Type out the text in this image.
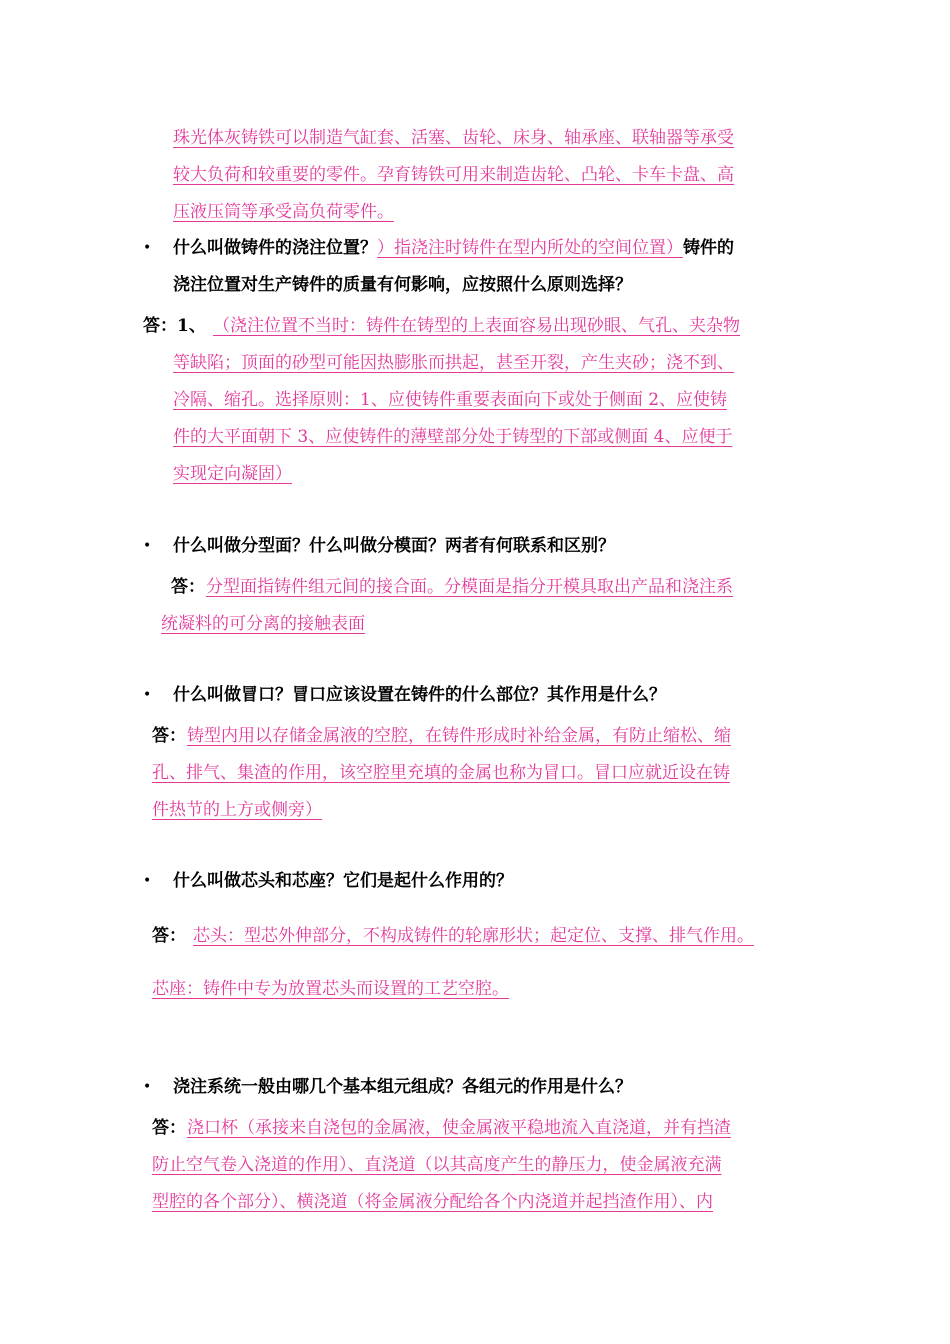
珠光体灰铸铁可以制造气缸套、活塞、齿轮、床身、轴承座、联轴器等承受
较大负荷和较重要的零件。孕育铸铁可用来制造齿轮、凸轮、卡车卡盘、高
压液压筒等承受高负荷零件。
• 什么叫做铸件的浇注位置？）指浇注时铸件在型内所处的空间位置）铸件的
浇注位置对生产铸件的质量有何影响，应按照什么原则选择？
答：1、 （浇注位置不当时：铸件在铸型的上表面容易出现砂眼、气孔、夹杂物
等缺陷；顶面的砂型可能因热膨胀而拱起，甚至开裂，产生夹砂；浇不到、
冷隔、缩孔。选择原则：1、应使铸件重要表面向下或处于侧面 2、应使铸
件的大平面朝下 3、应使铸件的薄壁部分处于铸型的下部或侧面 4、应便于
实现定向凝固）
• 什么叫做分型面？什么叫做分模面？两者有何联系和区别？
答： 分型面指铸件组元间的接合面。分模面是指分开模具取出产品和浇注系
统凝料的可分离的接触表面
• 什么叫做冒口？冒口应该设置在铸件的什么部位？其作用是什么？
答： 铸型内用以存储金属液的空腔，在铸件形成时补给金属，有防止缩松、缩
孔、排气、集渣的作用，该空腔里充填的金属也称为冒口。冒口应就近设在铸
件热节的上方或侧旁）
• 什么叫做芯头和芯座？它们是起什么作用的？
答： 芯头：型芯外伸部分，不构成铸件的轮廓形状；起定位、支撑、排气作用。
芯座：铸件中专为放置芯头而设置的工艺空腔。
• 浇注系统一般由哪几个基本组元组成？各组元的作用是什么？
答： 浇口杯（承接来自浇包的金属液，使金属液平稳地流入直浇道，并有挡渣
防止空气卷入浇道的作用）、直浇道（以其高度产生的静压力，使金属液充满
型腔的各个部分）、横浇道（将金属液分配给各个内浇道并起挡渣作用）、内
